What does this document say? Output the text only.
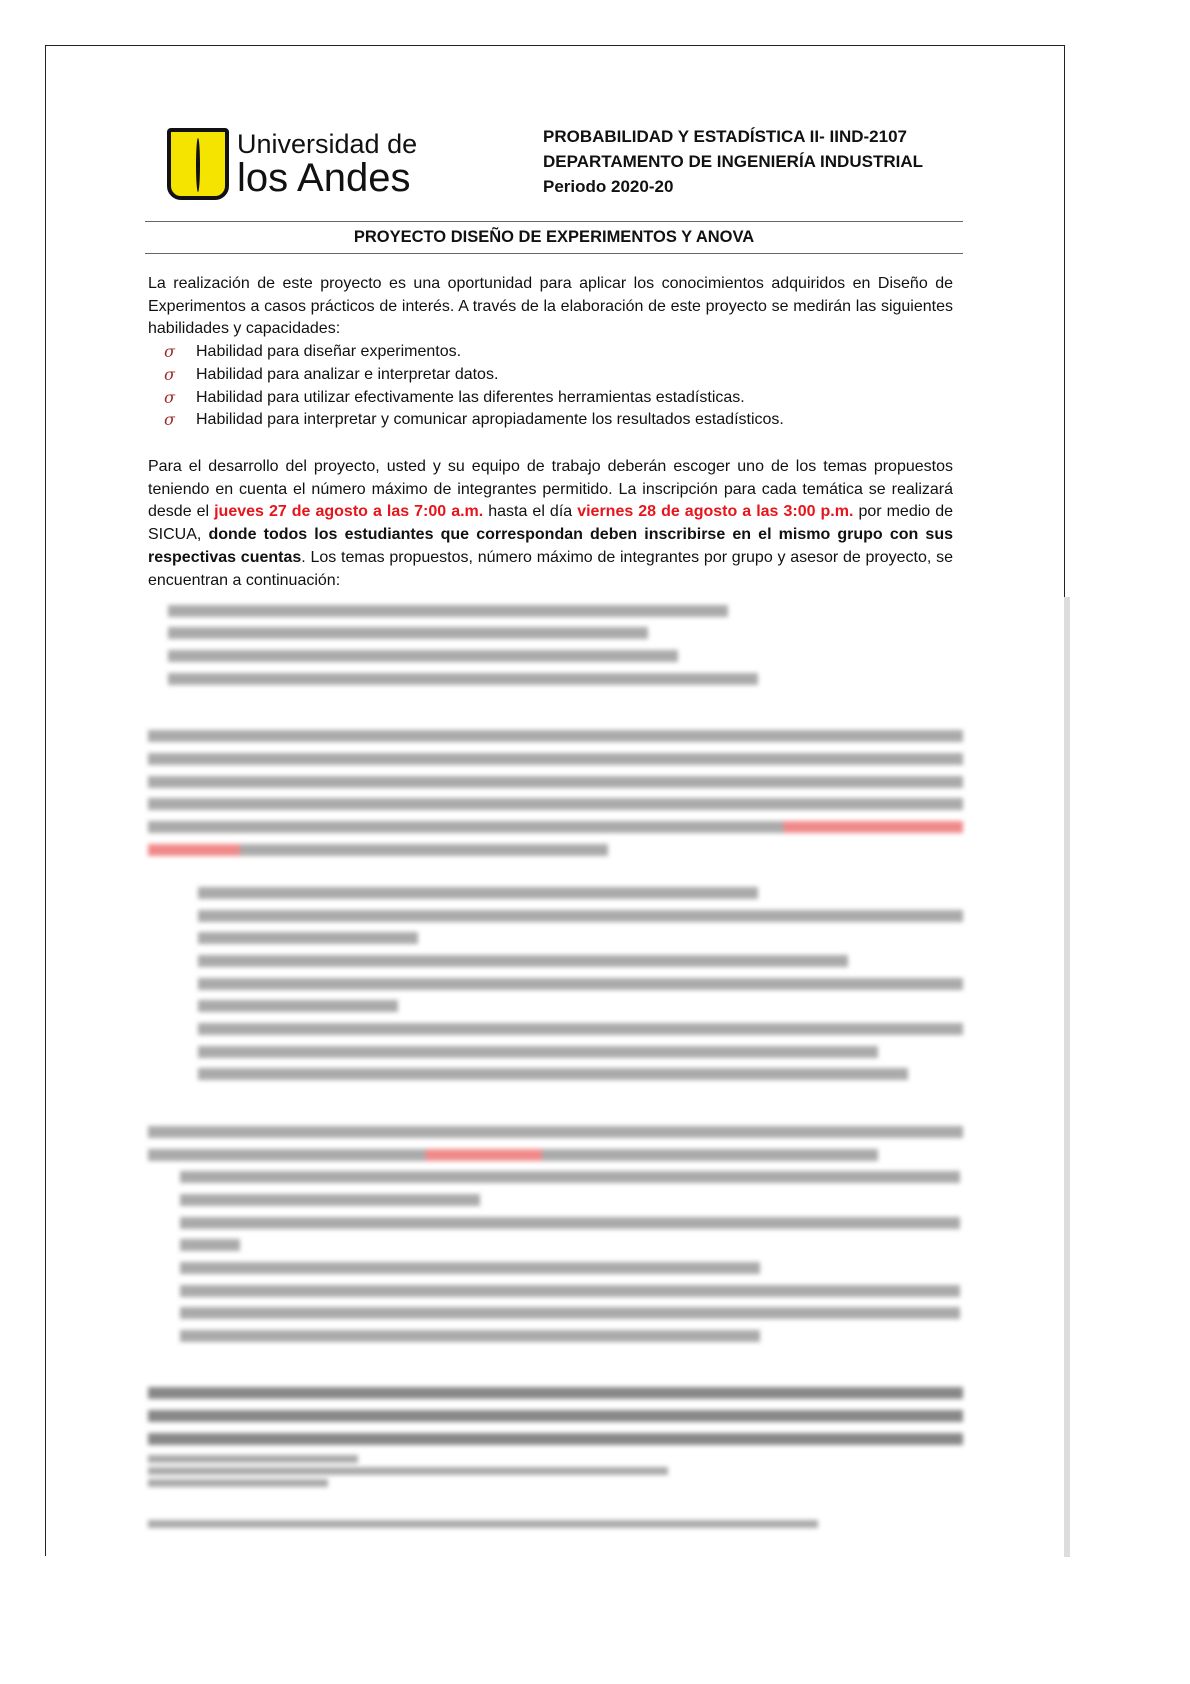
Universidad de
los Andes
PROBABILIDAD Y ESTADÍSTICA II- IIND-2107
DEPARTAMENTO DE INGENIERÍA INDUSTRIAL
Periodo 2020-20
PROYECTO DISEÑO DE EXPERIMENTOS Y ANOVA
La realización de este proyecto es una oportunidad para aplicar los conocimientos adquiridos en Diseño de Experimentos a casos prácticos de interés. A través de la elaboración de este proyecto se medirán las siguientes habilidades y capacidades:
σ	Habilidad para diseñar experimentos.
σ	Habilidad para analizar e interpretar datos.
σ	Habilidad para utilizar efectivamente las diferentes herramientas estadísticas.
σ	Habilidad para interpretar y comunicar apropiadamente los resultados estadísticos.
Para el desarrollo del proyecto, usted y su equipo de trabajo deberán escoger uno de los temas propuestos teniendo en cuenta el número máximo de integrantes permitido. La inscripción para cada temática se realizará desde el jueves 27 de agosto a las 7:00 a.m. hasta el día viernes 28 de agosto a las 3:00 p.m. por medio de SICUA, donde todos los estudiantes que correspondan deben inscribirse en el mismo grupo con sus respectivas cuentas. Los temas propuestos, número máximo de integrantes por grupo y asesor de proyecto, se encuentran a continuación:
